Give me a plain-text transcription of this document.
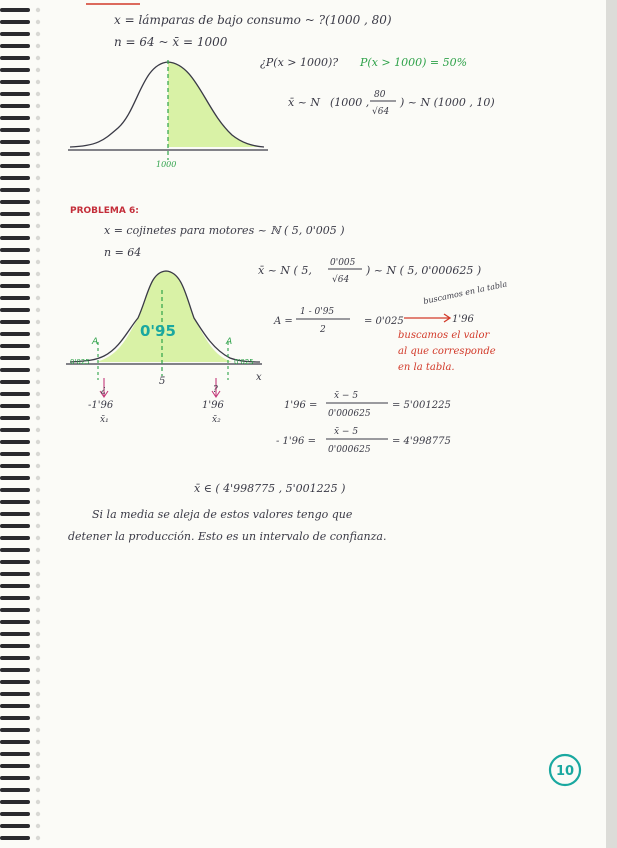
x = lámparas de bajo consumo ~ ?(1000 , 80)
n = 64 ~ x̄ = 1000
1000
¿P(x > 1000)? P(x > 1000) = 50%
x̄ ~ N (1000 ,
80
√64
) ~ N (1000 , 10)
PROBLEMA 6:
x = cojinetes para motores ~ ℕ ( 5, 0'005 )
n = 64
x̄ ~ N ( 5,
0'005
√64
) ~ N ( 5, 0'000625 )
0'95
0'025	0'025
A	A
x
5
¿	?
-1'96	1'96
x̄₁	x̄₂
A =
1 - 0'95
2
= 0'025
buscamos en la tabla
1'96
buscamos el valor
al que corresponde
en la tabla.
1'96 =
x̄ − 5
0'000625
= 5'001225
- 1'96 =
x̄ − 5
0'000625
= 4'998775
x̄ ∈ ( 4'998775 , 5'001225 )
Si la media se aleja de estos valores tengo que
detener la producción. Esto es un intervalo de confianza.
10
